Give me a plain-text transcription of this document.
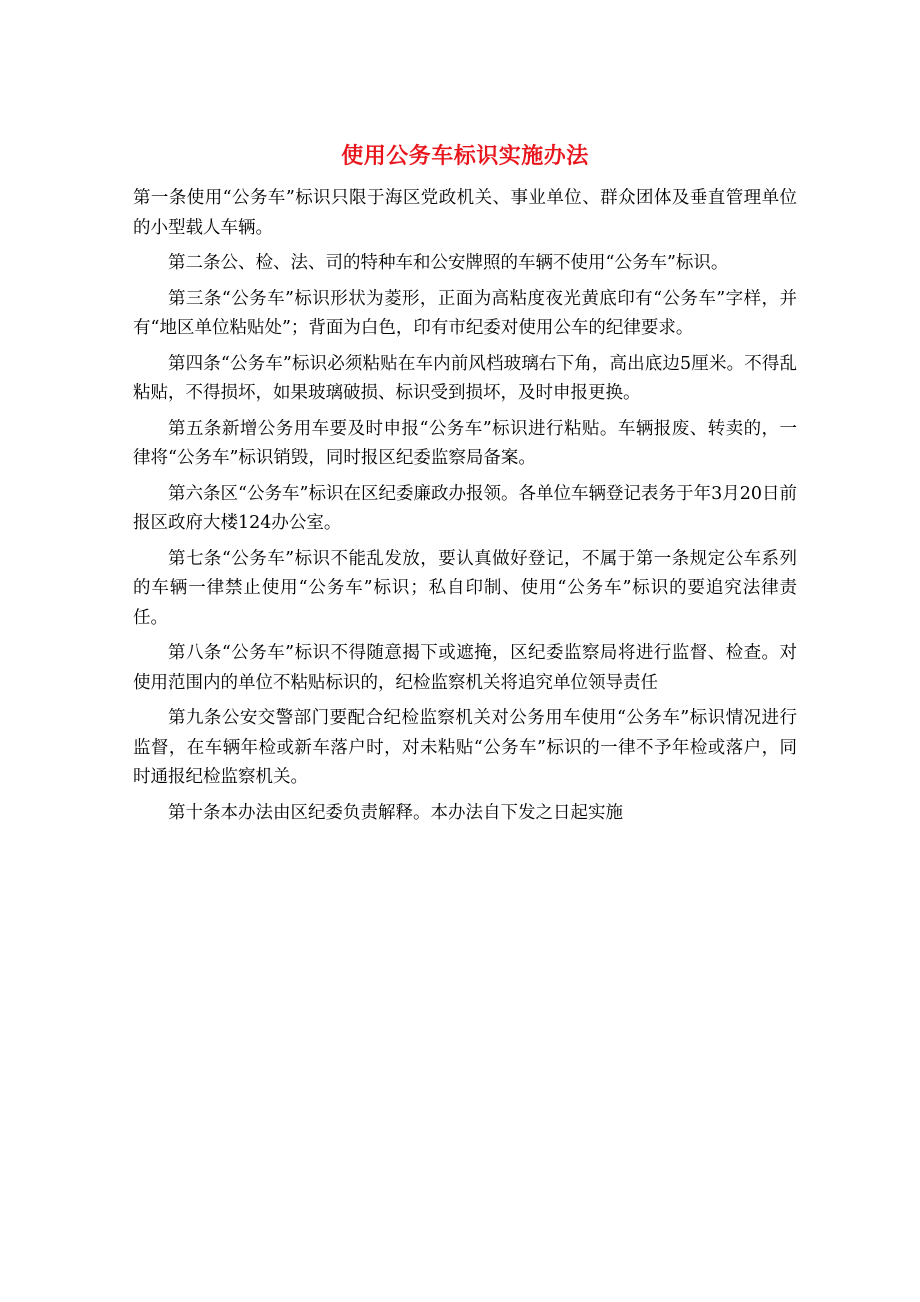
使用公务车标识实施办法

第一条使用“公务车”标识只限于海区党政机关、事业单位、群众团体及垂直管理单位的小型载人车辆。

第二条公、检、法、司的特种车和公安牌照的车辆不使用“公务车”标识。

第三条“公务车”标识形状为菱形，正面为高粘度夜光黄底印有“公务车”字样，并有“地区单位粘贴处”；背面为白色，印有市纪委对使用公车的纪律要求。

第四条“公务车”标识必须粘贴在车内前风档玻璃右下角，高出底边5厘米。不得乱粘贴，不得损坏，如果玻璃破损、标识受到损坏，及时申报更换。

第五条新增公务用车要及时申报“公务车”标识进行粘贴。车辆报废、转卖的，一律将“公务车”标识销毁，同时报区纪委监察局备案。

第六条区“公务车”标识在区纪委廉政办报领。各单位车辆登记表务于年3月20日前报区政府大楼124办公室。

第七条“公务车”标识不能乱发放，要认真做好登记，不属于第一条规定公车系列的车辆一律禁止使用“公务车”标识；私自印制、使用“公务车”标识的要追究法律责任。

第八条“公务车”标识不得随意揭下或遮掩，区纪委监察局将进行监督、检查。对使用范围内的单位不粘贴标识的，纪检监察机关将追究单位领导责任

第九条公安交警部门要配合纪检监察机关对公务用车使用“公务车”标识情况进行监督，在车辆年检或新车落户时，对未粘贴“公务车”标识的一律不予年检或落户，同时通报纪检监察机关。

第十条本办法由区纪委负责解释。本办法自下发之日起实施
